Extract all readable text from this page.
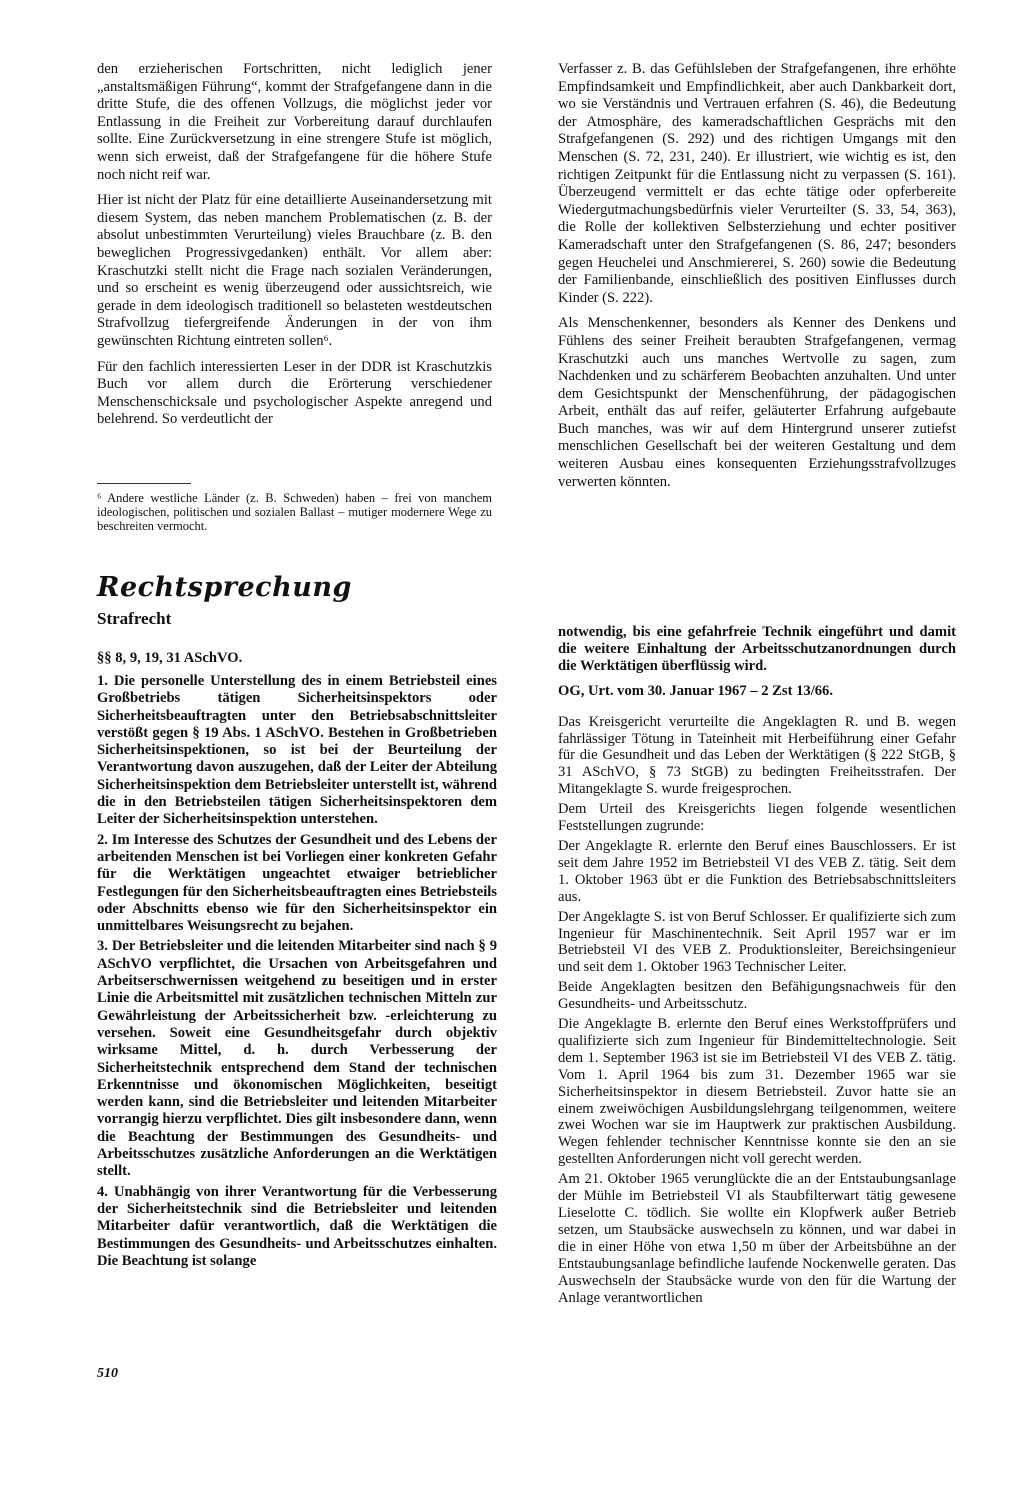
den erzieherischen Fortschritten, nicht lediglich jener „anstaltsmäßigen Führung“, kommt der Strafgefangene dann in die dritte Stufe, die des offenen Vollzugs, die möglichst jeder vor Entlassung in die Freiheit zur Vorbereitung darauf durchlaufen sollte. Eine Zurückversetzung in eine strengere Stufe ist möglich, wenn sich erweist, daß der Strafgefangene für die höhere Stufe noch nicht reif war.

Hier ist nicht der Platz für eine detaillierte Auseinandersetzung mit diesem System, das neben manchem Problematischen (z. B. der absolut unbestimmten Verurteilung) vieles Brauchbare (z. B. den beweglichen Progressivgedanken) enthält. Vor allem aber: Kraschutzki stellt nicht die Frage nach sozialen Veränderungen, und so erscheint es wenig überzeugend oder aussichtsreich, wie gerade in dem ideologisch traditionell so belasteten westdeutschen Strafvollzug tiefergreifende Änderungen in der von ihm gewünschten Richtung eintreten sollen⁶.

Für den fachlich interessierten Leser in der DDR ist Kraschutzkis Buch vor allem durch die Erörterung verschiedener Menschenschicksale und psychologischer Aspekte anregend und belehrend. So verdeutlicht der

⁶ Andere westliche Länder (z. B. Schweden) haben – frei von manchem ideologischen, politischen und sozialen Ballast – mutiger modernere Wege zu beschreiten vermocht.

Verfasser z. B. das Gefühlsleben der Strafgefangenen, ihre erhöhte Empfindsamkeit und Empfindlichkeit, aber auch Dankbarkeit dort, wo sie Verständnis und Vertrauen erfahren (S. 46), die Bedeutung der Atmosphäre, des kameradschaftlichen Gesprächs mit den Strafgefangenen (S. 292) und des richtigen Umgangs mit den Menschen (S. 72, 231, 240). Er illustriert, wie wichtig es ist, den richtigen Zeitpunkt für die Entlassung nicht zu verpassen (S. 161). Überzeugend vermittelt er das echte tätige oder opferbereite Wiedergutmachungsbedürfnis vieler Verurteilter (S. 33, 54, 363), die Rolle der kollektiven Selbsterziehung und echter positiver Kameradschaft unter den Strafgefangenen (S. 86, 247; besonders gegen Heuchelei und Anschmiererei, S. 260) sowie die Bedeutung der Familienbande, einschließlich des positiven Einflusses durch Kinder (S. 222).

Als Menschenkenner, besonders als Kenner des Denkens und Fühlens des seiner Freiheit beraubten Strafgefangenen, vermag Kraschutzki auch uns manches Wertvolle zu sagen, zum Nachdenken und zu schärferem Beobachten anzuhalten. Und unter dem Gesichtspunkt der Menschenführung, der pädagogischen Arbeit, enthält das auf reifer, geläuterter Erfahrung aufgebaute Buch manches, was wir auf dem Hintergrund unserer zutiefst menschlichen Gesellschaft bei der weiteren Gestaltung und dem weiteren Ausbau eines konsequenten Erziehungsstrafvollzuges verwerten könnten.

Rechtsprechung
Strafrecht
§§ 8, 9, 19, 31 ASchVO.

1. Die personelle Unterstellung des in einem Betriebsteil eines Großbetriebs tätigen Sicherheitsinspektors oder Sicherheitsbeauftragten unter den Betriebsabschnittsleiter verstößt gegen § 19 Abs. 1 ASchVO. Bestehen in Großbetrieben Sicherheitsinspektionen, so ist bei der Beurteilung der Verantwortung davon auszugehen, daß der Leiter der Abteilung Sicherheitsinspektion dem Betriebsleiter unterstellt ist, während die in den Betriebsteilen tätigen Sicherheitsinspektoren dem Leiter der Sicherheitsinspektion unterstehen.

2. Im Interesse des Schutzes der Gesundheit und des Lebens der arbeitenden Menschen ist bei Vorliegen einer konkreten Gefahr für die Werktätigen ungeachtet etwaiger betrieblicher Festlegungen für den Sicherheitsbeauftragten eines Betriebsteils oder Abschnitts ebenso wie für den Sicherheitsinspektor ein unmittelbares Weisungsrecht zu bejahen.

3. Der Betriebsleiter und die leitenden Mitarbeiter sind nach § 9 ASchVO verpflichtet, die Ursachen von Arbeitsgefahren und Arbeitserschwernissen weitgehend zu beseitigen und in erster Linie die Arbeitsmittel mit zusätzlichen technischen Mitteln zur Gewährleistung der Arbeitssicherheit bzw. -erleichterung zu versehen. Soweit eine Gesundheitsgefahr durch objektiv wirksame Mittel, d. h. durch Verbesserung der Sicherheitstechnik entsprechend dem Stand der technischen Erkenntnisse und ökonomischen Möglichkeiten, beseitigt werden kann, sind die Betriebsleiter und leitenden Mitarbeiter vorrangig hierzu verpflichtet. Dies gilt insbesondere dann, wenn die Beachtung der Bestimmungen des Gesundheits- und Arbeitsschutzes zusätzliche Anforderungen an die Werktätigen stellt.

4. Unabhängig von ihrer Verantwortung für die Verbesserung der Sicherheitstechnik sind die Betriebsleiter und leitenden Mitarbeiter dafür verantwortlich, daß die Werktätigen die Bestimmungen des Gesundheits- und Arbeitsschutzes einhalten. Die Beachtung ist solange

notwendig, bis eine gefahrfreie Technik eingeführt und damit die weitere Einhaltung der Arbeitsschutzanordnungen durch die Werktätigen überflüssig wird.

OG, Urt. vom 30. Januar 1967 – 2 Zst 13/66.

Das Kreisgericht verurteilte die Angeklagten R. und B. wegen fahrlässiger Tötung in Tateinheit mit Herbeiführung einer Gefahr für die Gesundheit und das Leben der Werktätigen (§ 222 StGB, § 31 ASchVO, § 73 StGB) zu bedingten Freiheitsstrafen. Der Mitangeklagte S. wurde freigesprochen.

Dem Urteil des Kreisgerichts liegen folgende wesentlichen Feststellungen zugrunde:

Der Angeklagte R. erlernte den Beruf eines Bauschlossers. Er ist seit dem Jahre 1952 im Betriebsteil VI des VEB Z. tätig. Seit dem 1. Oktober 1963 übt er die Funktion des Betriebsabschnittsleiters aus.

Der Angeklagte S. ist von Beruf Schlosser. Er qualifizierte sich zum Ingenieur für Maschinentechnik. Seit April 1957 war er im Betriebsteil VI des VEB Z. Produktionsleiter, Bereichsingenieur und seit dem 1. Oktober 1963 Technischer Leiter.

Beide Angeklagten besitzen den Befähigungsnachweis für den Gesundheits- und Arbeitsschutz.

Die Angeklagte B. erlernte den Beruf eines Werkstoffprüfers und qualifizierte sich zum Ingenieur für Bindemitteltechnologie. Seit dem 1. September 1963 ist sie im Betriebsteil VI des VEB Z. tätig. Vom 1. April 1964 bis zum 31. Dezember 1965 war sie Sicherheitsinspektor in diesem Betriebsteil. Zuvor hatte sie an einem zweiwöchigen Ausbildungslehrgang teilgenommen, weitere zwei Wochen war sie im Hauptwerk zur praktischen Ausbildung. Wegen fehlender technischer Kenntnisse konnte sie den an sie gestellten Anforderungen nicht voll gerecht werden.

Am 21. Oktober 1965 verunglückte die an der Entstaubungsanlage der Mühle im Betriebsteil VI als Staubfilterwart tätig gewesene Lieselotte C. tödlich. Sie wollte ein Klopfwerk außer Betrieb setzen, um Staubsäcke auswechseln zu können, und war dabei in die in einer Höhe von etwa 1,50 m über der Arbeitsbühne an der Entstaubungsanlage befindliche laufende Nockenwelle geraten. Das Auswechseln der Staubsäcke wurde von den für die Wartung der Anlage verantwortlichen

510
